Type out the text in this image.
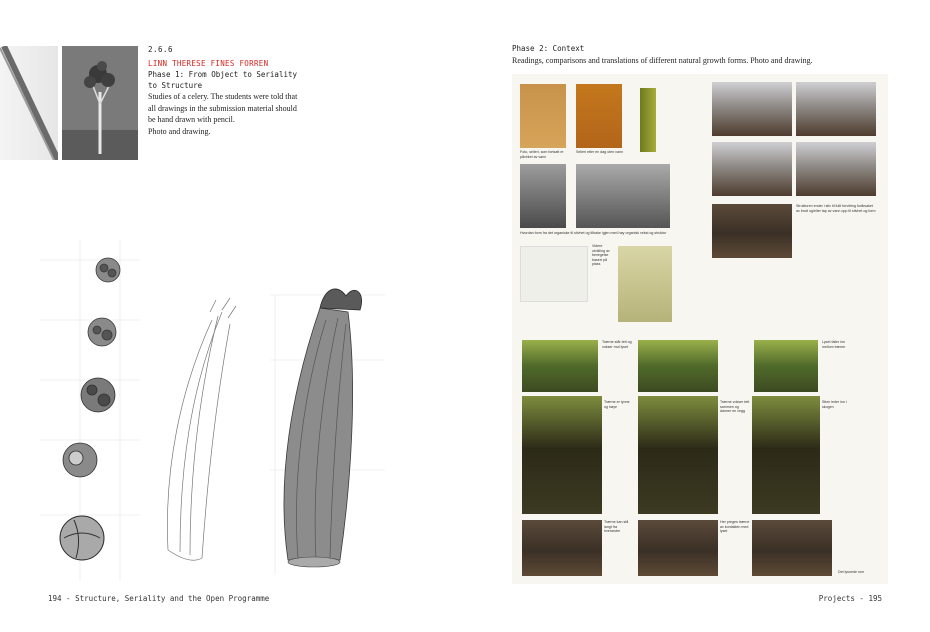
2.6.6
LINN THERESE FINES FORREN
Phase 1: From Object to Seriality to Structure
Studies of a celery. The students were told that all drawings in the submission material should be hand drawn with pencil.
Photo and drawing.
194 - Structure, Seriality and the Open Programme
Phase 2: Context
Readings, comparisons and translations of different natural growth forms. Photo and drawing.
Foto, selleri, som fortsatt er påvirket av vann
Selleri etter en dag uten vann
Hvordan form fra det organiske til stivhet og tilbake igjen med høy organisk vekst og struktur
Videre utvikling av bevegelse basert på plass
Strukturen ender i stiv til fullt forvitring forårsaket av brutt og/eller tap av vann opp til stivhet og form
Trærne står tett og vokser mot lyset
Lyset faller inn mellom trærne
Trærne er tynne og høye
Trærne vokser tett sammen og danner en vegg
Stien leder inn i skogen
Trærne kan stå langt fra hverandre
Her preges trærne av kontakten med lyset
Det lysnede rom
Projects - 195
